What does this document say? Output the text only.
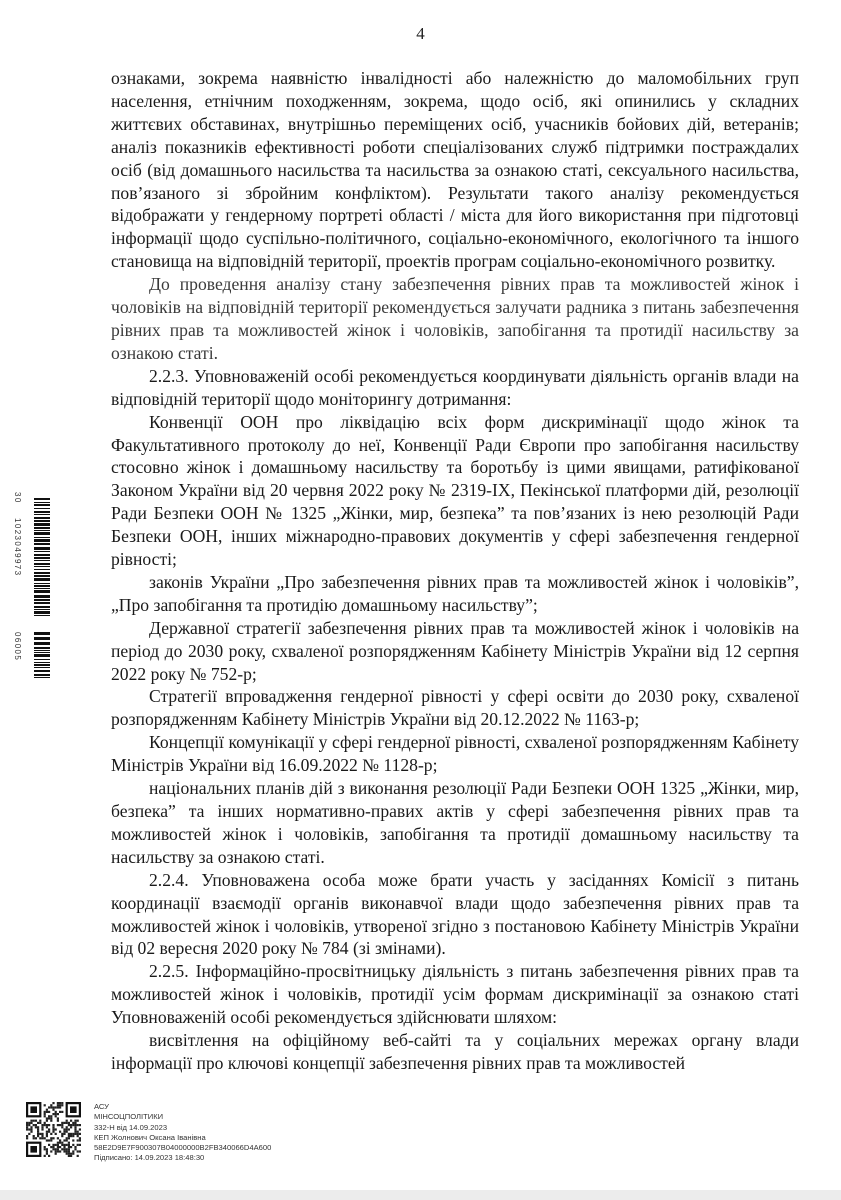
4

ознаками, зокрема наявністю інвалідності або належністю до маломобільних груп населення, етнічним походженням, зокрема, щодо осіб, які опинились у складних життєвих обставинах, внутрішньо переміщених осіб, учасників бойових дій, ветеранів; аналіз показників ефективності роботи спеціалізованих служб підтримки постраждалих осіб (від домашнього насильства та насильства за ознакою статі, сексуального насильства, пов’язаного зі збройним конфліктом). Результати такого аналізу рекомендується відображати у гендерному портреті області / міста для його використання при підготовці інформації щодо суспільно-політичного, соціально-економічного, екологічного та іншого становища на відповідній території, проектів програм соціально-економічного розвитку.

До проведення аналізу стану забезпечення рівних прав та можливостей жінок і чоловіків на відповідній території рекомендується залучати радника з питань забезпечення рівних прав та можливостей жінок і чоловіків, запобігання та протидії насильству за ознакою статі.

2.2.3. Уповноваженій особі рекомендується координувати діяльність органів влади на відповідній території щодо моніторингу дотримання:

Конвенції ООН про ліквідацію всіх форм дискримінації щодо жінок та Факультативного протоколу до неї, Конвенції Ради Європи про запобігання насильству стосовно жінок і домашньому насильству та боротьбу із цими явищами, ратифікованої Законом України від 20 червня 2022 року № 2319-IX, Пекінської платформи дій, резолюції Ради Безпеки ООН № 1325 „Жінки, мир, безпека” та пов’язаних із нею резолюцій Ради Безпеки ООН, інших міжнародно-правових документів у сфері забезпечення гендерної рівності;

законів України „Про забезпечення рівних прав та можливостей жінок і чоловіків”, „Про запобігання та протидію домашньому насильству”;

Державної стратегії забезпечення рівних прав та можливостей жінок і чоловіків на період до 2030 року, схваленої розпорядженням Кабінету Міністрів України від 12 серпня 2022 року № 752-р;

Стратегії впровадження гендерної рівності у сфері освіти до 2030 року, схваленої розпорядженням Кабінету Міністрів України від 20.12.2022 № 1163-р;

Концепції комунікації у сфері гендерної рівності, схваленої розпорядженням Кабінету Міністрів України від 16.09.2022 № 1128-р;

національних планів дій з виконання резолюції Ради Безпеки ООН 1325 „Жінки, мир, безпека” та інших нормативно-правих актів у сфері забезпечення рівних прав та можливостей жінок і чоловіків, запобігання та протидії домашньому насильству та насильству за ознакою статі.

2.2.4. Уповноважена особа може брати участь у засіданнях Комісії з питань координації взаємодії органів виконавчої влади щодо забезпечення рівних прав та можливостей жінок і чоловіків, утвореної згідно з постановою Кабінету Міністрів України від 02 вересня 2020 року № 784 (зі змінами).

2.2.5. Інформаційно-просвітницьку діяльність з питань забезпечення рівних прав та можливостей жінок і чоловіків, протидії усім формам дискримінації за ознакою статі Уповноваженій особі рекомендується здійснювати шляхом:

висвітлення на офіційному веб-сайті та у соціальних мережах органу влади інформації про ключові концепції забезпечення рівних прав та можливостей

30
1023049973
06005
АСУ
МІНСОЦПОЛІТИКИ
332-Н від 14.09.2023
КЕП Жолнович Оксана Іванівна
58E2D9E7F900307B04000000B2FB340066D4A600
Підписано: 14.09.2023 18:48:30
